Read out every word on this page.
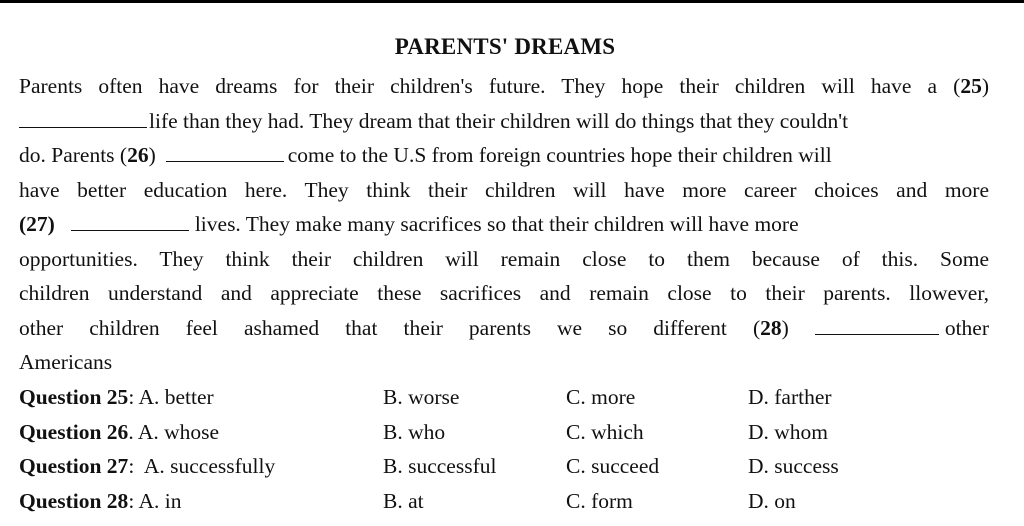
PARENTS' DREAMS
Parents often have dreams for their children's future. They hope their children will have a (25)
life than they had. They dream that their children will do things that they couldn't
do. Parents (26)	come to the U.S from foreign countries hope their children will
have better education here. They think their children will have more career choices and more
(27)	lives. They make many sacrifices so that their children will have more
opportunities. They think their children will remain close to them because of this. Some
children understand and appreciate these sacrifices and remain close to their parents. llowever,
other children feel ashamed that their parents we so different (28)	other
Americans
Question 25: A. better	B. worse	C. more	D. farther
Question 26. A. whose	B. who	C. which	D. whom
Question 27:  A. successfully	B. successful	C. succeed	D. success
Question 28: A. in	B. at	C. form	D. on
